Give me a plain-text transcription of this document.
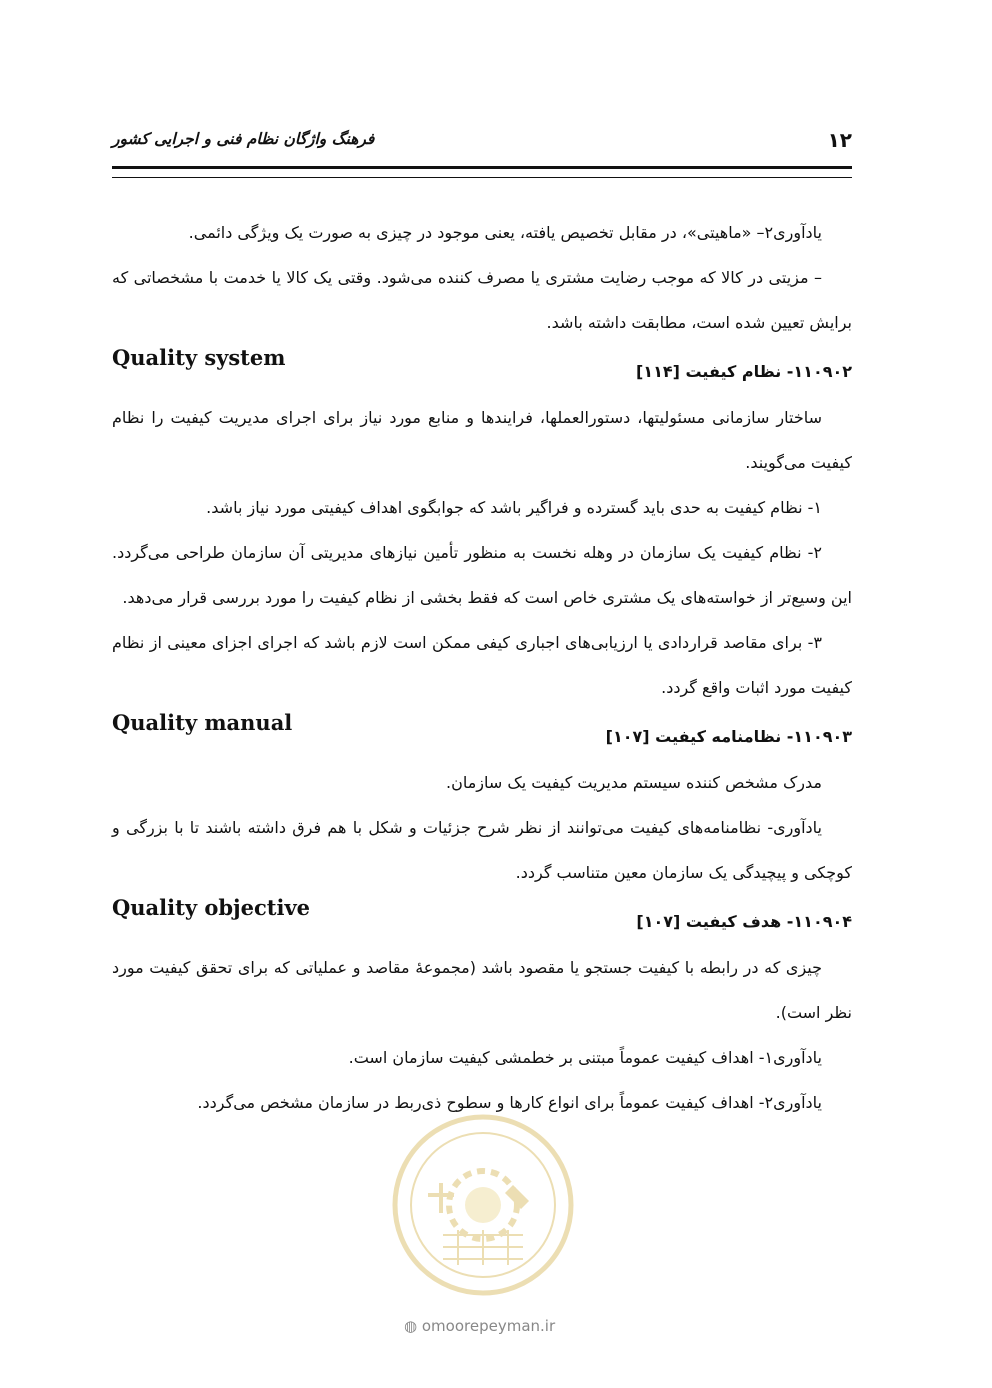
۱۲
فرهنگ واژگان نظام فنی و اجرایی کشور

یادآوری۲– «ماهیتی»، در مقابل تخصیص یافته، یعنی موجود در چیزی به صورت یک ویژگی دائمی.

– مزیتی در کالا که موجب رضایت مشتری یا مصرف کننده می‌شود. وقتی یک کالا یا خدمت با مشخصاتی که برایش تعیین شده است، مطابقت داشته باشد.

۱۱۰۹۰۲- نظام کیفیت [۱۱۴]
Quality system

ساختار سازمانی مسئولیتها، دستورالعملها، فرایندها و منابع مورد نیاز برای اجرای مدیریت کیفیت را نظام کیفیت می‌گویند.

۱- نظام کیفیت به حدی باید گسترده و فراگیر باشد که جوابگوی اهداف کیفیتی مورد نیاز باشد.

۲- نظام کیفیت یک سازمان در وهله نخست به منظور تأمین نیازهای مدیریتی آن سازمان طراحی می‌گردد. این وسیع‌تر از خواسته‌های یک مشتری خاص است که فقط بخشی از نظام کیفیت را مورد بررسی قرار می‌دهد.

۳- برای مقاصد قراردادی یا ارزیابی‌های اجباری کیفی ممکن است لازم باشد که اجرای اجزای معینی از نظام کیفیت مورد اثبات واقع گردد.

۱۱۰۹۰۳- نظامنامه کیفیت [۱۰۷]
Quality manual

مدرک مشخص کننده سیستم مدیریت کیفیت یک سازمان.

یادآوری- نظامنامه‌های کیفیت می‌توانند از نظر شرح جزئیات و شکل با هم فرق داشته باشند تا با بزرگی و کوچکی و پیچیدگی یک سازمان معین متناسب گردد.

۱۱۰۹۰۴- هدف کیفیت [۱۰۷]
Quality objective

چیزی که در رابطه با کیفیت جستجو یا مقصود باشد (مجموعهٔ مقاصد و عملیاتی که برای تحقق کیفیت مورد نظر است).

یادآوری۱- اهداف کیفیت عموماً مبتنی بر خطمشی کیفیت سازمان است.

یادآوری۲- اهداف کیفیت عموماً برای انواع کارها و سطوح ذی‌ربط در سازمان مشخص می‌گردد.

◍ omoorepeyman.ir
